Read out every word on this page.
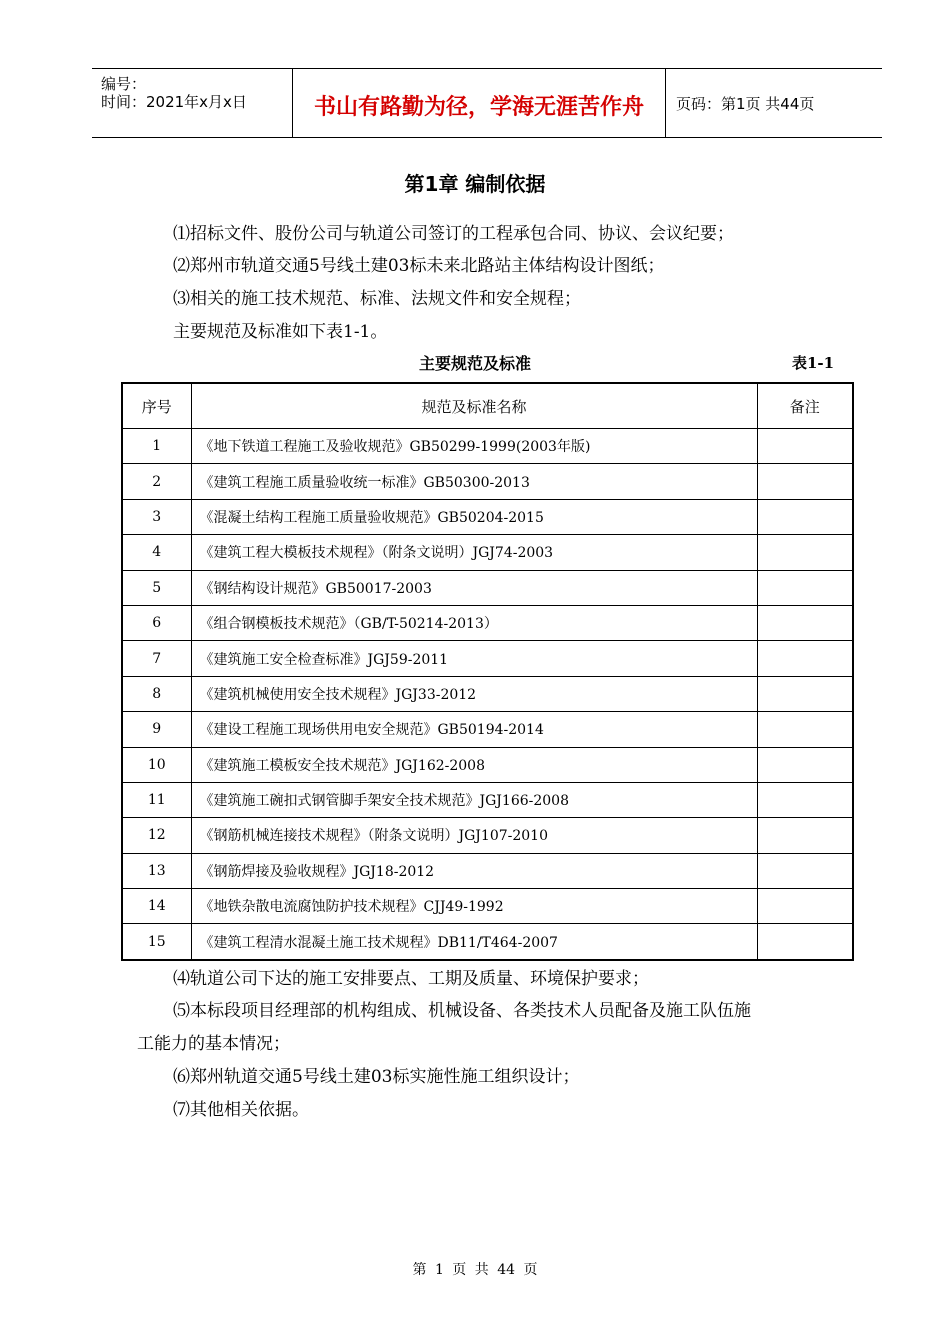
编号：
时间：2021年x月x日	书山有路勤为径，学海无涯苦作舟	页码：第1页 共44页
第1章 编制依据
⑴招标文件、股份公司与轨道公司签订的工程承包合同、协议、会议纪要；
⑵郑州市轨道交通5号线土建03标未来北路站主体结构设计图纸；
⑶相关的施工技术规范、标准、法规文件和安全规程；
主要规范及标准如下表1-1。
主要规范及标准	表1-1
序号	规范及标准名称	备注
1	《地下铁道工程施工及验收规范》GB50299-1999(2003年版)	
2	《建筑工程施工质量验收统一标准》GB50300-2013	
3	《混凝土结构工程施工质量验收规范》GB50204-2015	
4	《建筑工程大模板技术规程》（附条文说明）JGJ74-2003	
5	《钢结构设计规范》GB50017-2003	
6	《组合钢模板技术规范》（GB/T-50214-2013）	
7	《建筑施工安全检查标准》JGJ59-2011	
8	《建筑机械使用安全技术规程》JGJ33-2012	
9	《建设工程施工现场供用电安全规范》GB50194-2014	
10	《建筑施工模板安全技术规范》JGJ162-2008	
11	《建筑施工碗扣式钢管脚手架安全技术规范》JGJ166-2008	
12	《钢筋机械连接技术规程》（附条文说明）JGJ107-2010	
13	《钢筋焊接及验收规程》JGJ18-2012	
14	《地铁杂散电流腐蚀防护技术规程》CJJ49-1992	
15	《建筑工程清水混凝土施工技术规程》DB11/T464-2007	
⑷轨道公司下达的施工安排要点、工期及质量、环境保护要求；
⑸本标段项目经理部的机构组成、机械设备、各类技术人员配备及施工队伍施
工能力的基本情况；
⑹郑州轨道交通5号线土建03标实施性施工组织设计；
⑺其他相关依据。
第 1 页 共 44 页
